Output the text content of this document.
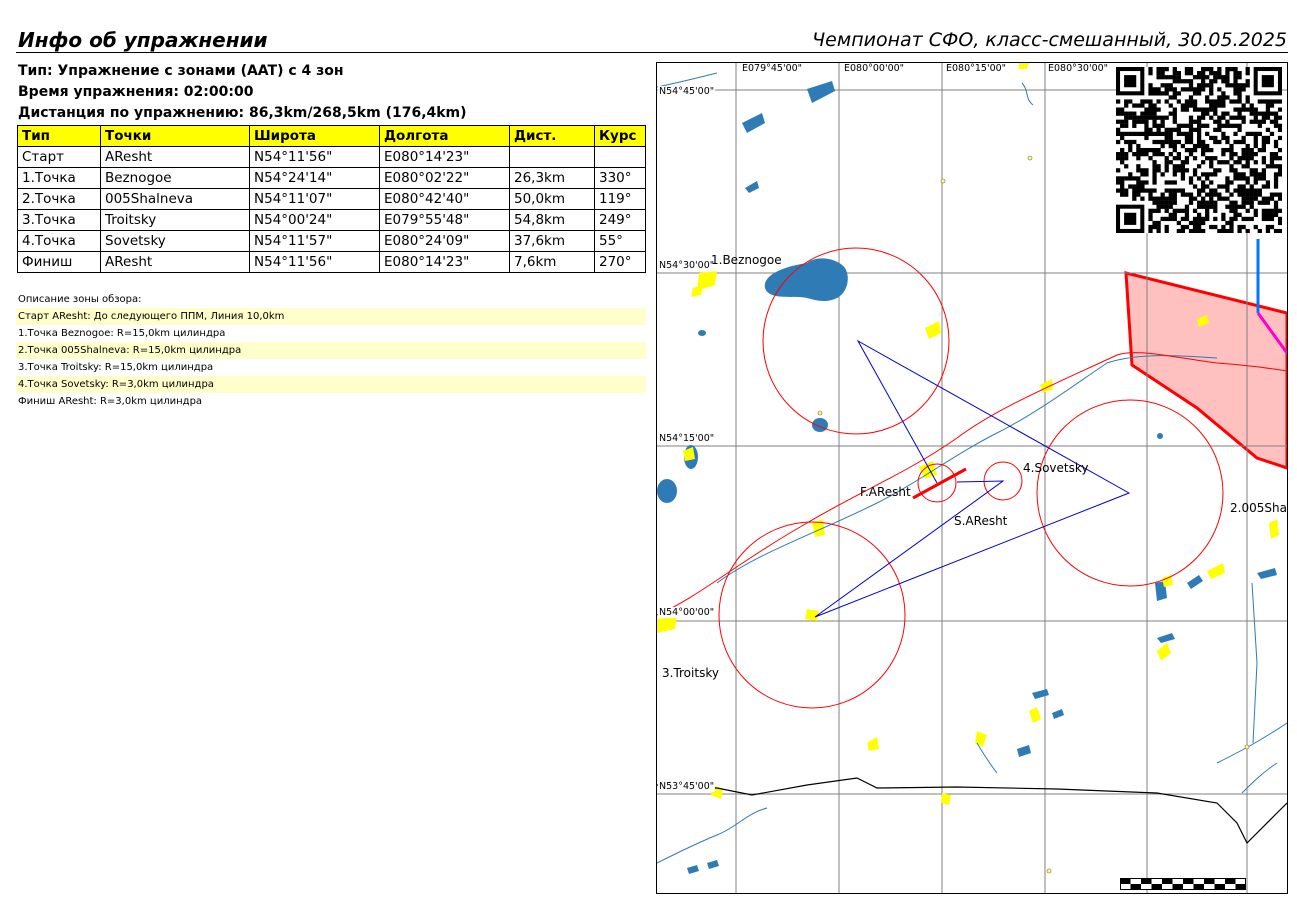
Инфо об упражнении	Чемпионат СФО, класс-смешанный, 30.05.2025
Тип: Упражнение с зонами (AAT) с 4 зон
Время упражнения: 02:00:00
Дистанция по упражнению: 86,3km/268,5km (176,4km)
Тип	Точки	Широта	Долгота	Дист.	Курс
Старт	AResht	N54°11'56"	E080°14'23"		
1.Точка	Beznogoe	N54°24'14"	E080°02'22"	26,3km	330°
2.Точка	005Shalneva	N54°11'07"	E080°42'40"	50,0km	119°
3.Точка	Troitsky	N54°00'24"	E079°55'48"	54,8km	249°
4.Точка	Sovetsky	N54°11'57"	E080°24'09"	37,6km	55°
Финиш	AResht	N54°11'56"	E080°14'23"	7,6km	270°
Описание зоны обзора:
Старт AResht: До следующего ППМ, Линия 10,0km
1.Точка Beznogoe: R=15,0km цилиндра
2.Точка 005Shalneva: R=15,0km цилиндра
3.Точка Troitsky: R=15,0km цилиндра
4.Точка Sovetsky: R=3,0km цилиндра
Финиш AResht: R=3,0km цилиндра
N54°45'00"
N54°30'00"
N54°15'00"
N54°00'00"
N53°45'00"
E079°45'00"	E080°00'00"	E080°15'00"	E080°30'00"
1.Beznogoe
4.Sovetsky
F.AResht
S.AResht
2.005Sha
3.Troitsky
